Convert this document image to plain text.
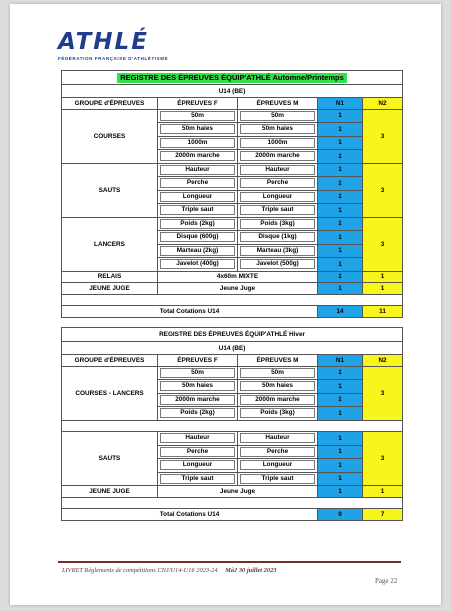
ATHLÉ
FÉDÉRATION FRANÇAISE D'ATHLÉTISME
REGISTRE DES ÉPREUVES ÉQUIP'ATHLÉ Automne/Printemps				
U14 (BE)				
GROUPE d'ÉPREUVES	ÉPREUVES F	ÉPREUVES M	N1	N2
COURSES	50m	50m	1	3

	50m haies	50m haies	1	

	1000m	1000m	1	

	2000m marche	2000m marche	1	
SAUTS	Hauteur	Hauteur	1	3

	Perche	Perche	1	

	Longueur	Longueur	1	

	Triple saut	Triple saut	1	
LANCERS	Poids (2kg)	Poids (3kg)	1	3

	Disque (600g)	Disque (1kg)	1	

	Marteau (2kg)	Marteau (3kg)	1	

	Javelot (400g)	Javelot (500g)	1	
RELAIS	4x60m MIXTE		1	1
JEUNE JUGE	Jeune Juge		1	1

Total Cotations U14			14	11
REGISTRE DES ÉPREUVES ÉQUIP'ATHLÉ Hiver				
U14 (BE)				
GROUPE d'ÉPREUVES	ÉPREUVES F	ÉPREUVES M	N1	N2
COURSES - LANCERS	50m	50m	1	3

	50m haies	50m haies	1	

	2000m marche	2000m marche	1	

	Poids (2kg)	Poids (3kg)	1	

SAUTS	Hauteur	Hauteur	1	3

	Perche	Perche	1	

	Longueur	Longueur	1	

	Triple saut	Triple saut	1	
JEUNE JUGE	Jeune Juge		1	1

Total Cotations U14			9	7
LIVRET Règlements de compétitions CNJ/U14-U16 2023-24 MàJ 30 juillet 2023
Page 22
